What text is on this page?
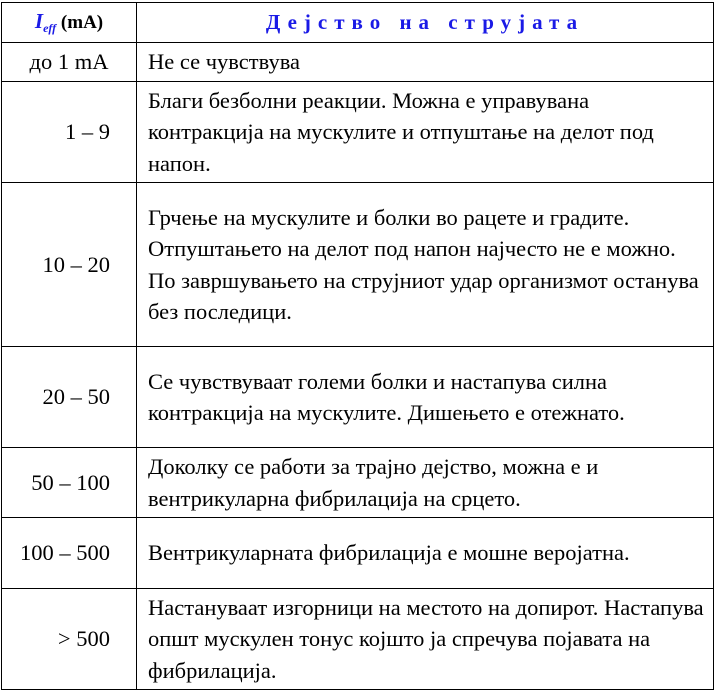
$I_{eff}$ (mA)	Дејство на струјата
до 1 mA	Не се чувствува
1 – 9	Благи безболни реакции. Можна е управувана контракција на мускулите и отпуштање на делот под напон.
10 – 20	Грчење на мускулите и болки во рацете и градите. Отпуштањето на делот под напон најчесто не е можно. По завршувањето на струјниот удар организмот останува без последици.
20 – 50	Се чувствуваат големи болки и настапува силна контракција на мускулите. Дишењето е отежнато.
50 – 100	Доколку се работи за трајно дејство, можна е и вентрикуларна фибрилација на срцето.
100 – 500	Вентрикуларната фибрилација е мошне веројатна.
> 500	Настануваат изгорници на местото на допирот. Настапува општ мускулен тонус којшто ја спречува појавата на фибрилација.
